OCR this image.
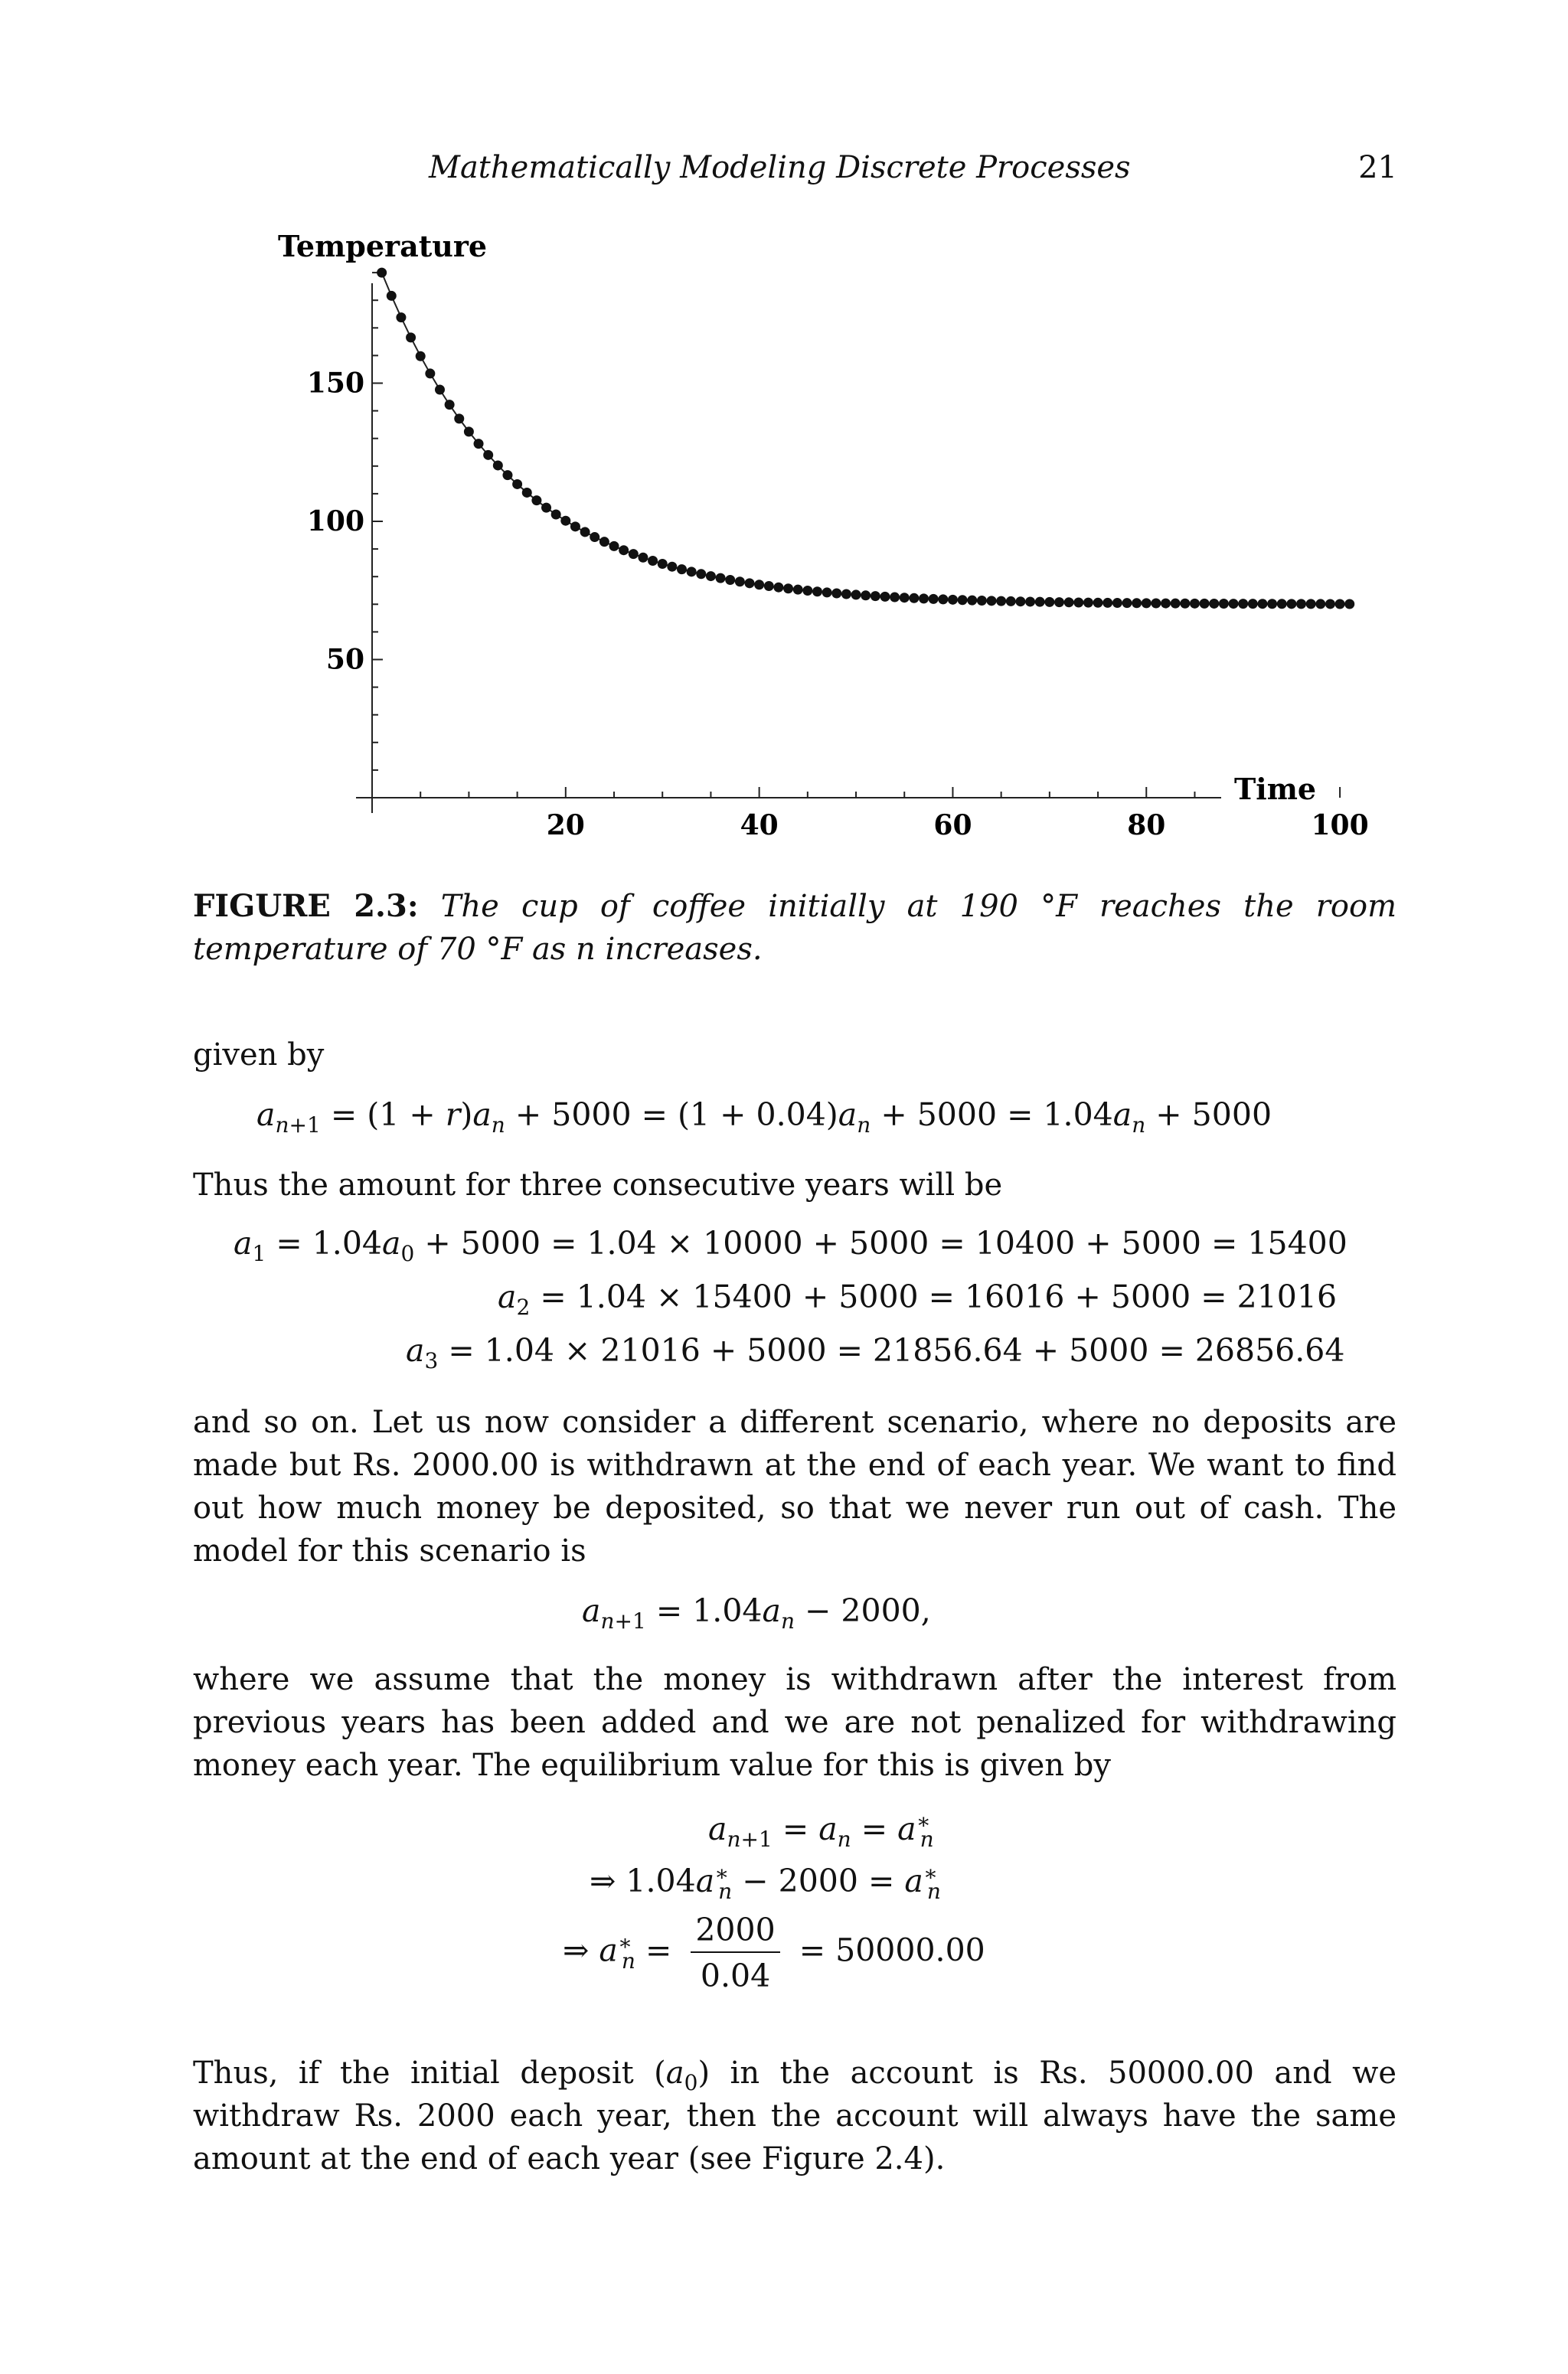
Mathematically Modeling Discrete Processes	21
20	40	60	80	100
50
100
150
Temperature
Time
FIGURE 2.3: The cup of coffee initially at 190 °F reaches the room temperature of 70 °F as n increases.
given by
$a_{n+1} = (1 + r)a_n + 5000 = (1 + 0.04)a_n + 5000 = 1.04a_n + 5000$
Thus the amount for three consecutive years will be
$a_1 = 1.04a_0 + 5000 = 1.04 \times 10000 + 5000 = 10400 + 5000 = 15400$
$a_2 = 1.04 \times 15400 + 5000 = 16016 + 5000 = 21016$
$a_3 = 1.04 \times 21016 + 5000 = 21856.64 + 5000 = 26856.64$
and so on. Let us now consider a different scenario, where no deposits are made but Rs. 2000.00 is withdrawn at the end of each year. We want to find out how much money be deposited, so that we never run out of cash. The model for this scenario is
$a_{n+1} = 1.04a_n - 2000$,
where we assume that the money is withdrawn after the interest from previous years has been added and we are not penalized for withdrawing money each year. The equilibrium value for this is given by
$a_{n+1} = a_n = a^∗_n$
⇒ $1.04a^∗_n - 2000 = a^∗_n$
⇒ $a^∗_n = \frac{2000}{0.04} = 50000.00$
Thus, if the initial deposit $(a_0)$ in the account is Rs. 50000.00 and we withdraw Rs. 2000 each year, then the account will always have the same amount at the end of each year (see Figure 2.4).
